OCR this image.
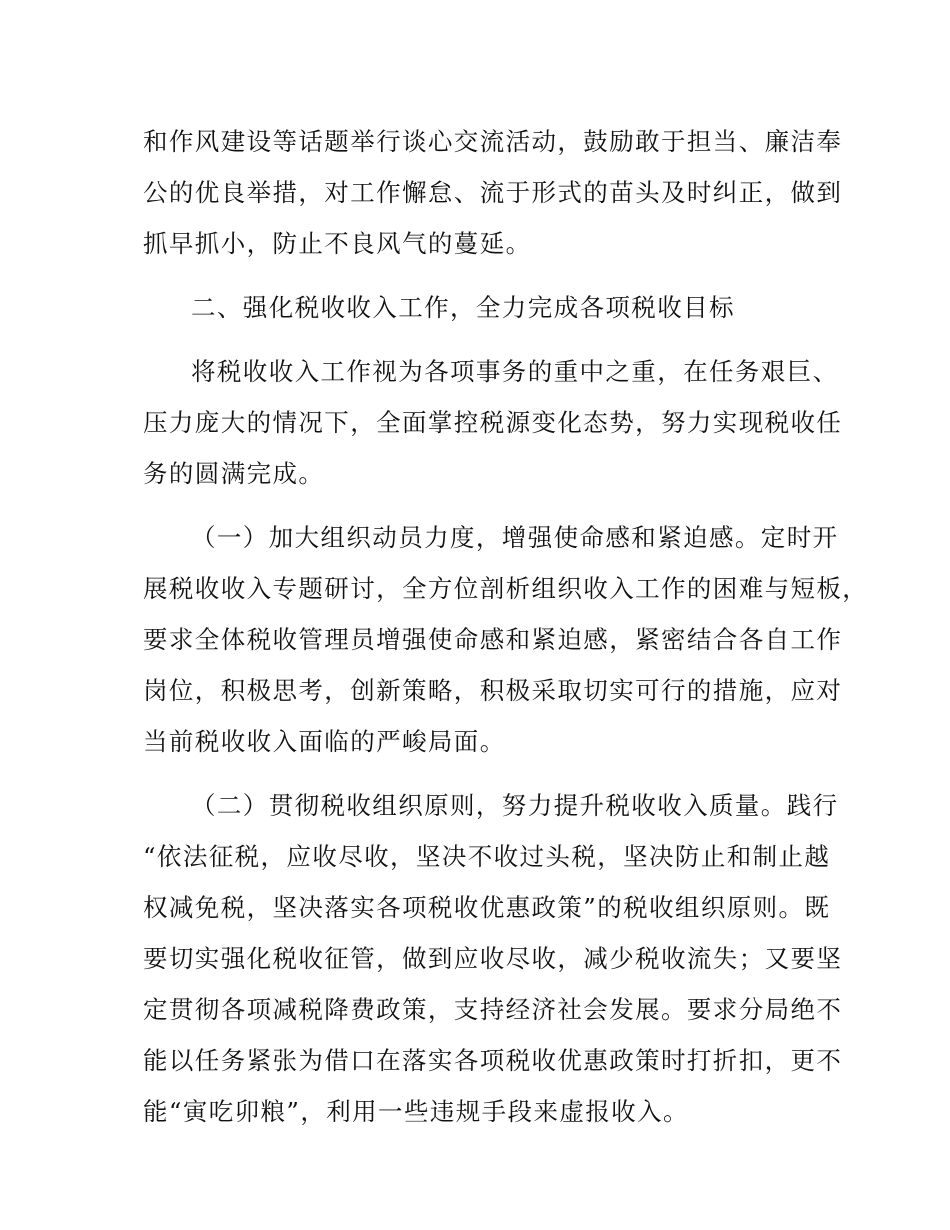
和作风建设等话题举行谈心交流活动，鼓励敢于担当、廉洁奉
公的优良举措，对工作懈怠、流于形式的苗头及时纠正，做到
抓早抓小，防止不良风气的蔓延。
二、强化税收收入工作，全力完成各项税收目标
将税收收入工作视为各项事务的重中之重，在任务艰巨、
压力庞大的情况下，全面掌控税源变化态势，努力实现税收任
务的圆满完成。
（一）加大组织动员力度，增强使命感和紧迫感。定时开
展税收收入专题研讨，全方位剖析组织收入工作的困难与短板，
要求全体税收管理员增强使命感和紧迫感，紧密结合各自工作
岗位，积极思考，创新策略，积极采取切实可行的措施，应对
当前税收收入面临的严峻局面。
（二）贯彻税收组织原则，努力提升税收收入质量。践行
“依法征税，应收尽收，坚决不收过头税，坚决防止和制止越
权减免税，坚决落实各项税收优惠政策”的税收组织原则。既
要切实强化税收征管，做到应收尽收，减少税收流失；又要坚
定贯彻各项减税降费政策，支持经济社会发展。要求分局绝不
能以任务紧张为借口在落实各项税收优惠政策时打折扣，更不
能“寅吃卯粮”，利用一些违规手段来虚报收入。
